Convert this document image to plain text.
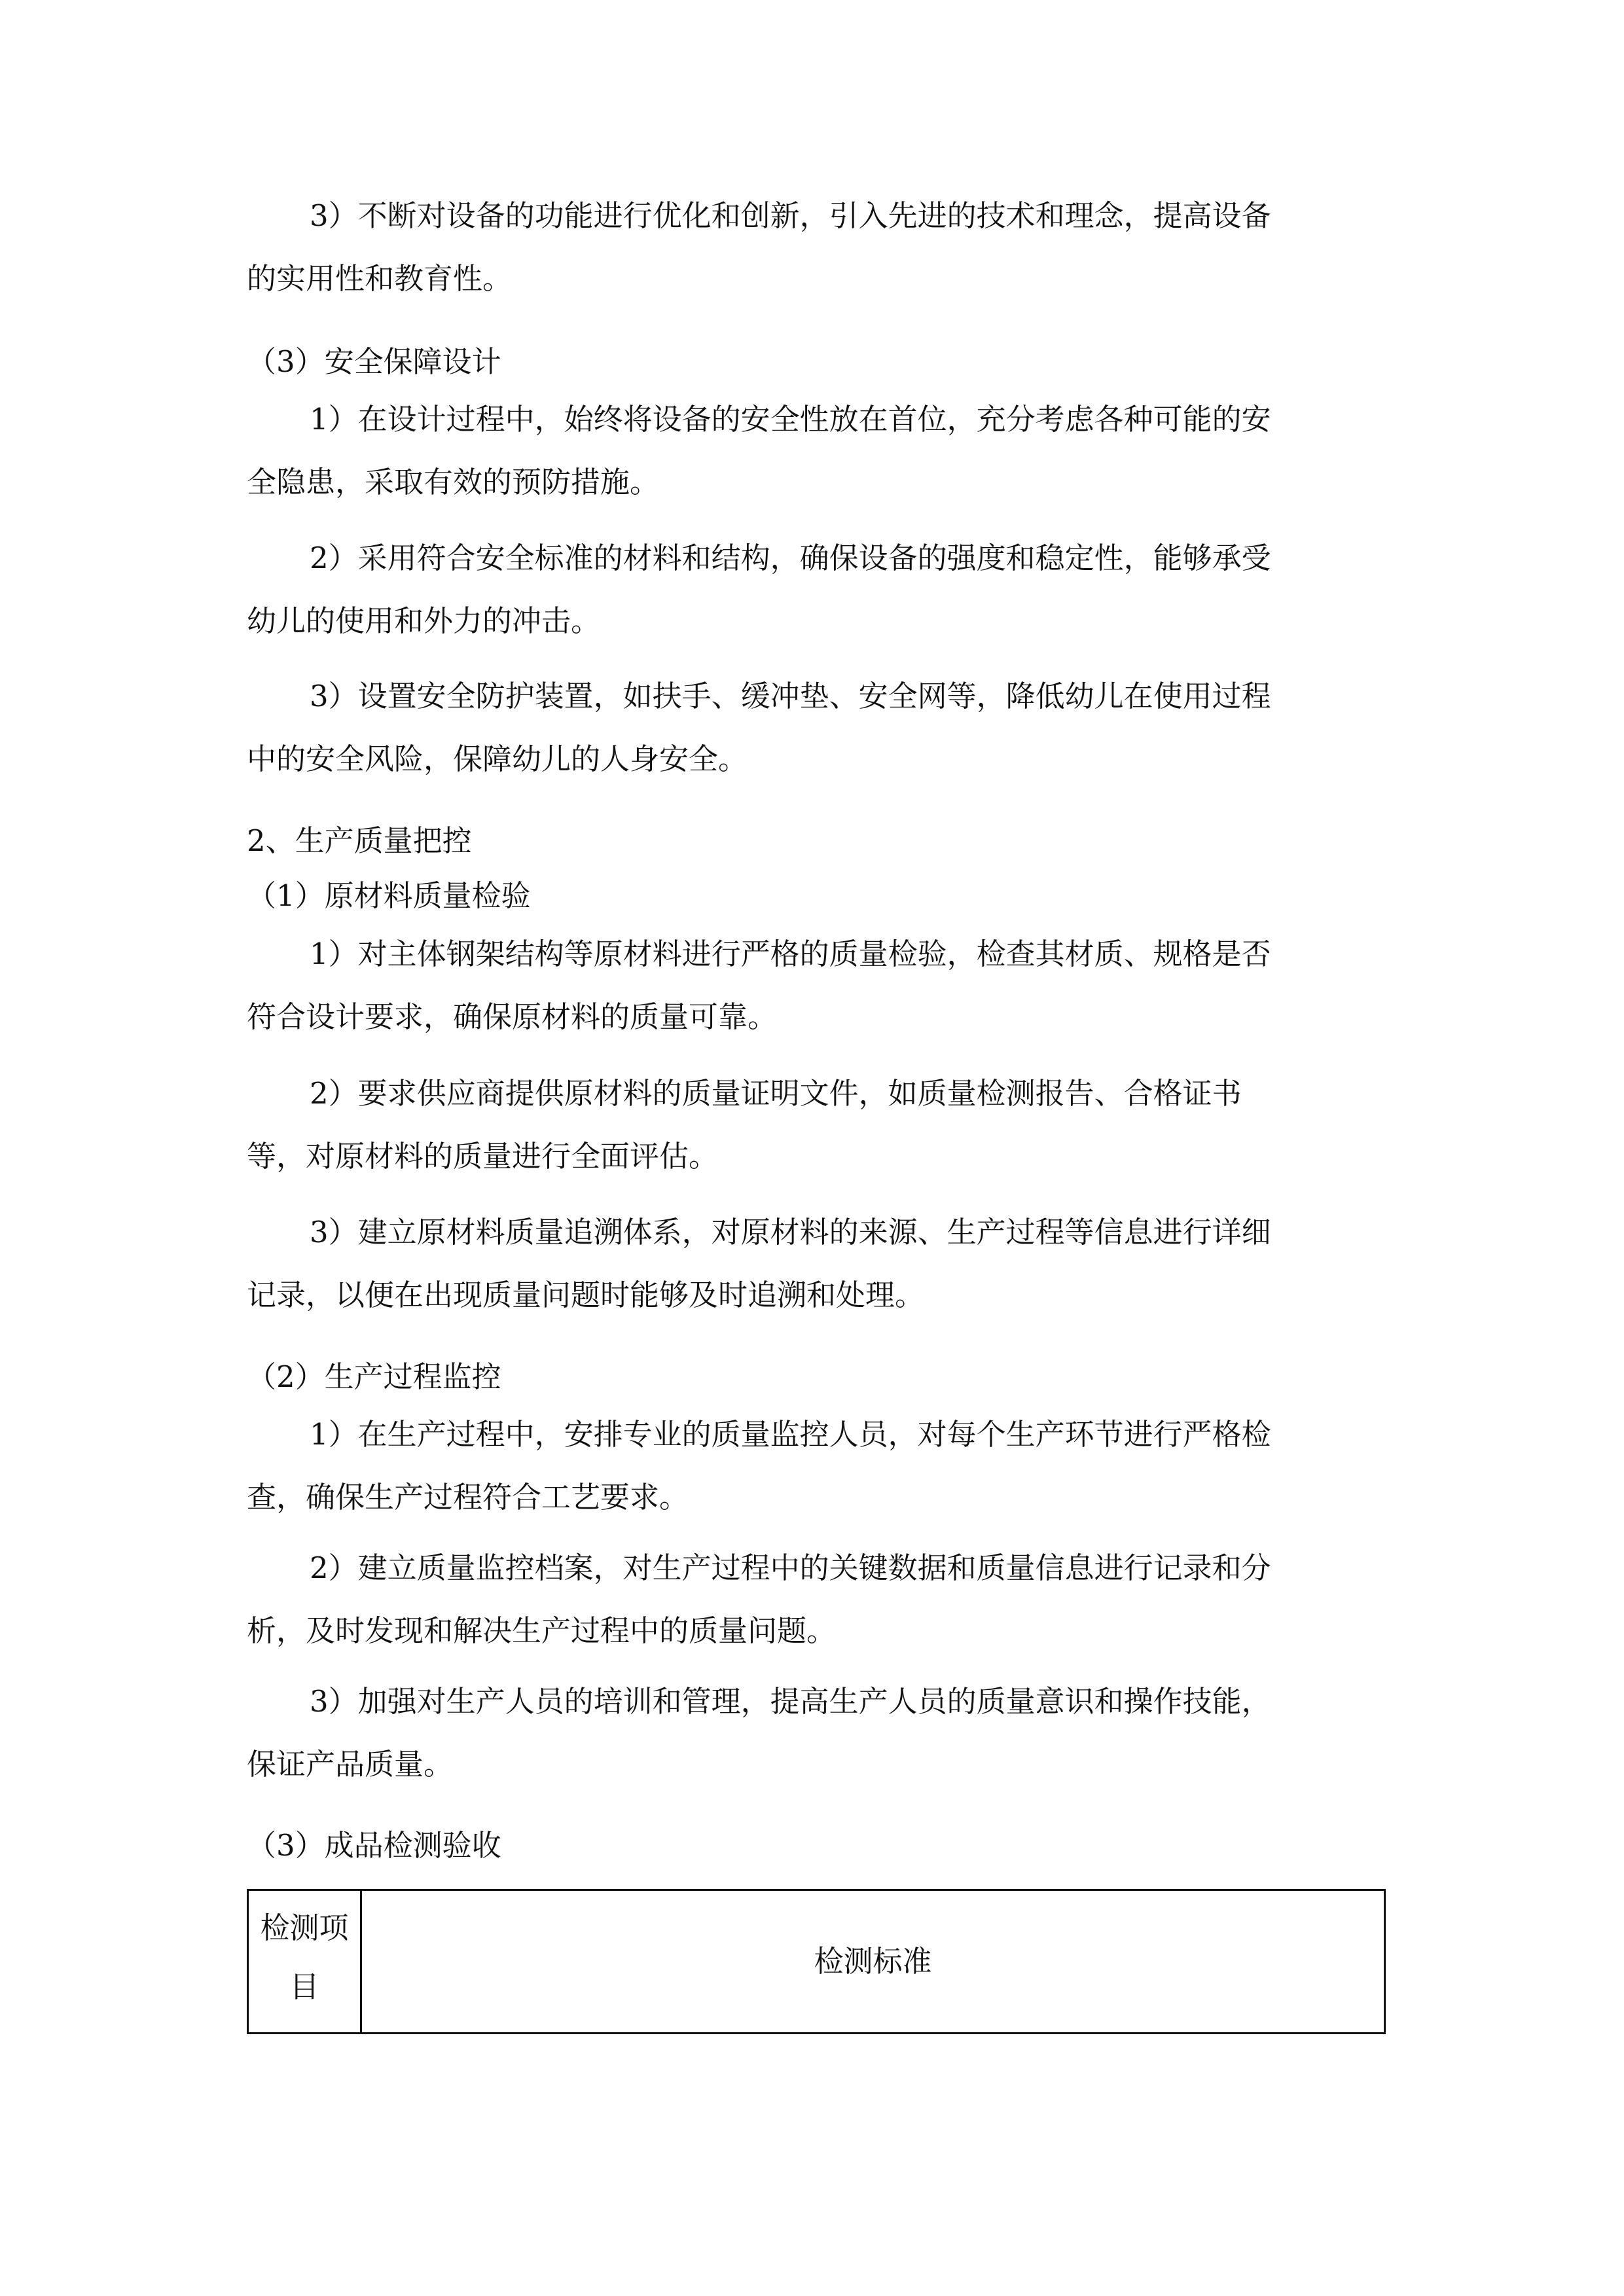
3）不断对设备的功能进行优化和创新，引入先进的技术和理念，提高设备
的实用性和教育性。
（3）安全保障设计
1）在设计过程中，始终将设备的安全性放在首位，充分考虑各种可能的安
全隐患，采取有效的预防措施。
2）采用符合安全标准的材料和结构，确保设备的强度和稳定性，能够承受
幼儿的使用和外力的冲击。
3）设置安全防护装置，如扶手、缓冲垫、安全网等，降低幼儿在使用过程
中的安全风险，保障幼儿的人身安全。
2、生产质量把控
（1）原材料质量检验
1）对主体钢架结构等原材料进行严格的质量检验，检查其材质、规格是否
符合设计要求，确保原材料的质量可靠。
2）要求供应商提供原材料的质量证明文件，如质量检测报告、合格证书
等，对原材料的质量进行全面评估。
3）建立原材料质量追溯体系，对原材料的来源、生产过程等信息进行详细
记录，以便在出现质量问题时能够及时追溯和处理。
（2）生产过程监控
1）在生产过程中，安排专业的质量监控人员，对每个生产环节进行严格检
查，确保生产过程符合工艺要求。
2）建立质量监控档案，对生产过程中的关键数据和质量信息进行记录和分
析，及时发现和解决生产过程中的质量问题。
3）加强对生产人员的培训和管理，提高生产人员的质量意识和操作技能，
保证产品质量。
（3）成品检测验收
检测项
目
检测标准
